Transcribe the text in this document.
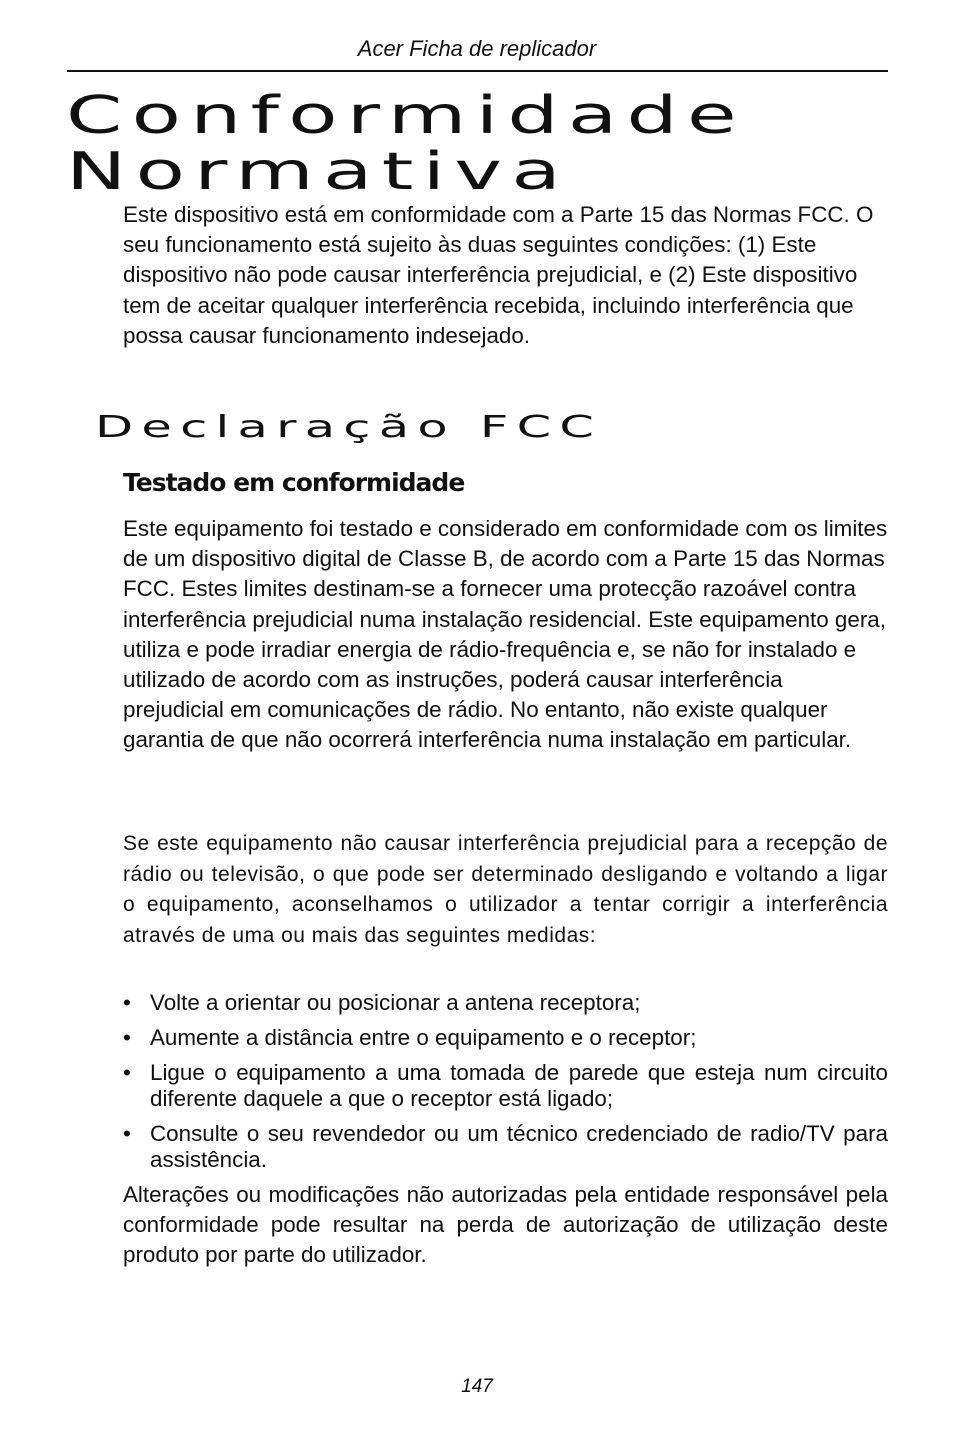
Acer Ficha de replicador
Conformidade
Normativa

Este dispositivo está em conformidade com a Parte 15 das Normas FCC. O seu funcionamento está sujeito às duas seguintes condições: (1) Este dispositivo não pode causar interferência prejudicial, e (2) Este dispositivo tem de aceitar qualquer interferência recebida, incluindo interferência que possa causar funcionamento indesejado.

Declaração FCC
Testado em conformidade

Este equipamento foi testado e considerado em conformidade com os limites de um dispositivo digital de Classe B, de acordo com a Parte 15 das Normas FCC. Estes limites destinam-se a fornecer uma protecção razoável contra interferência prejudicial numa instalação residencial. Este equipamento gera, utiliza e pode irradiar energia de rádio-frequência e, se não for instalado e utilizado de acordo com as instruções, poderá causar interferência prejudicial em comunicações de rádio. No entanto, não existe qualquer garantia de que não ocorrerá interferência numa instalação em particular.

Se este equipamento não causar interferência prejudicial para a recepção de rádio ou televisão, o que pode ser determinado desligando e voltando a ligar o equipamento, aconselhamos o utilizador a tentar corrigir a interferência através de uma ou mais das seguintes medidas:

• Volte a orientar ou posicionar a antena receptora;
• Aumente a distância entre o equipamento e o receptor;
• Ligue o equipamento a uma tomada de parede que esteja num circuito diferente daquele a que o receptor está ligado;
• Consulte o seu revendedor ou um técnico credenciado de radio/TV para assistência.

Alterações ou modificações não autorizadas pela entidade responsável pela conformidade pode resultar na perda de autorização de utilização deste produto por parte do utilizador.

147
